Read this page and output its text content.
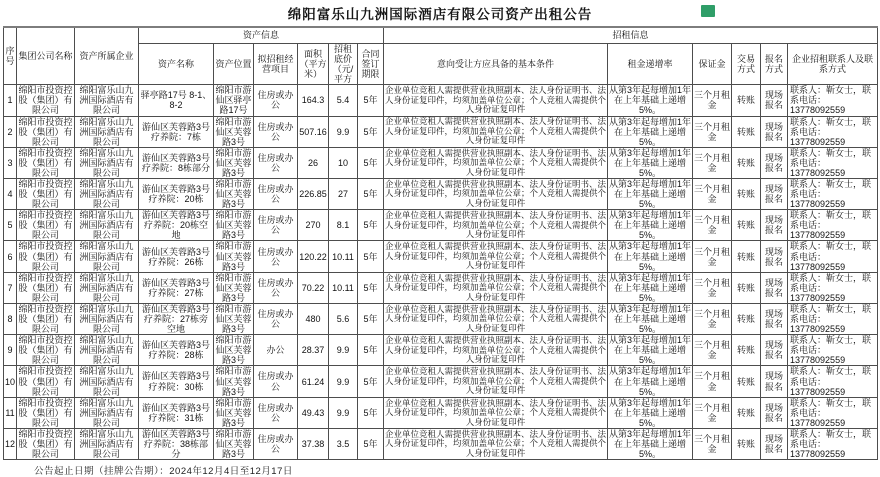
绵阳富乐山九洲国际酒店有限公司资产出租公告
序号	集团公司名称	资产所属企业	资产信息						招租信息					
			资产名称	资产位置	拟招租经营项目	面积（平方米）	招租底价（元/平方	合同签订期限	意向受让方应具备的基本条件	租金递增率	保证金	交易方式	报名方式	企业招租联系人及联系方式
1	绵阳市投资控股（集团）有限公司	绵阳富乐山九洲国际酒店有限公司	驿亭路17号 8-1、8-2	绵阳市游仙区驿亭路17号	住房或办公	164.3	5.4	5年	企业单位竞租人需提供营业执照副本、法人身份证明书、法人身份证复印件，均须加盖单位公章；个人竞租人需提供个人身份证复印件	从第3年起每增加1年在上年基础上递增5%。	三个月租金	转账	现场报名	联系人：靳女士，联系电话：13778092559
2	绵阳市投资控股（集团）有限公司	绵阳富乐山九洲国际酒店有限公司	游仙区芙蓉路3号疗养院：7栋	绵阳市游仙区芙蓉路3号	住房或办公	507.16	9.9	5年	企业单位竞租人需提供营业执照副本、法人身份证明书、法人身份证复印件，均须加盖单位公章；个人竞租人需提供个人身份证复印件	从第3年起每增加1年在上年基础上递增5%。	三个月租金	转账	现场报名	联系人：靳女士，联系电话：13778092559
3	绵阳市投资控股（集团）有限公司	绵阳富乐山九洲国际酒店有限公司	游仙区芙蓉路3号疗养院：8栋部分	绵阳市游仙区芙蓉路3号	住房或办公	26	10	5年	企业单位竞租人需提供营业执照副本、法人身份证明书、法人身份证复印件，均须加盖单位公章；个人竞租人需提供个人身份证复印件	从第3年起每增加1年在上年基础上递增5%。	三个月租金	转账	现场报名	联系人：靳女士，联系电话：13778092559
4	绵阳市投资控股（集团）有限公司	绵阳富乐山九洲国际酒店有限公司	游仙区芙蓉路3号疗养院：20栋	绵阳市游仙区芙蓉路3号	住房或办公	226.85	27	5年	企业单位竞租人需提供营业执照副本、法人身份证明书、法人身份证复印件，均须加盖单位公章；个人竞租人需提供个人身份证复印件	从第3年起每增加1年在上年基础上递增5%。	三个月租金	转账	现场报名	联系人：靳女士，联系电话：13778092559
5	绵阳市投资控股（集团）有限公司	绵阳富乐山九洲国际酒店有限公司	游仙区芙蓉路3号疗养院：20栋空地	绵阳市游仙区芙蓉路3号	住房或办公	270	8.1	5年	企业单位竞租人需提供营业执照副本、法人身份证明书、法人身份证复印件，均须加盖单位公章；个人竞租人需提供个人身份证复印件	从第3年起每增加1年在上年基础上递增5%。	三个月租金	转账	现场报名	联系人：靳女士，联系电话：13778092559
6	绵阳市投资控股（集团）有限公司	绵阳富乐山九洲国际酒店有限公司	游仙区芙蓉路3号疗养院：26栋	绵阳市游仙区芙蓉路3号	住房或办公	120.22	10.11	5年	企业单位竞租人需提供营业执照副本、法人身份证明书、法人身份证复印件，均须加盖单位公章；个人竞租人需提供个人身份证复印件	从第3年起每增加1年在上年基础上递增5%。	三个月租金	转账	现场报名	联系人：靳女士，联系电话：13778092559
7	绵阳市投资控股（集团）有限公司	绵阳富乐山九洲国际酒店有限公司	游仙区芙蓉路3号疗养院：27栋	绵阳市游仙区芙蓉路3号	住房或办公	70.22	10.11	5年	企业单位竞租人需提供营业执照副本、法人身份证明书、法人身份证复印件，均须加盖单位公章；个人竞租人需提供个人身份证复印件	从第3年起每增加1年在上年基础上递增5%。	三个月租金	转账	现场报名	联系人：靳女士，联系电话：13778092559
8	绵阳市投资控股（集团）有限公司	绵阳富乐山九洲国际酒店有限公司	游仙区芙蓉路3号疗养院：27栋旁空地	绵阳市游仙区芙蓉路3号	住房或办公	480	5.6	5年	企业单位竞租人需提供营业执照副本、法人身份证明书、法人身份证复印件，均须加盖单位公章；个人竞租人需提供个人身份证复印件	从第3年起每增加1年在上年基础上递增5%。	三个月租金	转账	现场报名	联系人：靳女士，联系电话：13778092559
9	绵阳市投资控股（集团）有限公司	绵阳富乐山九洲国际酒店有限公司	游仙区芙蓉路3号疗养院：28栋	绵阳市游仙区芙蓉路3号	办公	28.37	9.9	5年	企业单位竞租人需提供营业执照副本、法人身份证明书、法人身份证复印件，均须加盖单位公章；个人竞租人需提供个人身份证复印件	从第3年起每增加1年在上年基础上递增5%。	三个月租金	转账	现场报名	联系人：靳女士，联系电话：13778092559
10	绵阳市投资控股（集团）有限公司	绵阳富乐山九洲国际酒店有限公司	游仙区芙蓉路3号疗养院：30栋	绵阳市游仙区芙蓉路3号	住房或办公	61.24	9.9	5年	企业单位竞租人需提供营业执照副本、法人身份证明书、法人身份证复印件，均须加盖单位公章；个人竞租人需提供个人身份证复印件	从第3年起每增加1年在上年基础上递增5%。	三个月租金	转账	现场报名	联系人：靳女士，联系电话：13778092559
11	绵阳市投资控股（集团）有限公司	绵阳富乐山九洲国际酒店有限公司	游仙区芙蓉路3号疗养院：31栋	绵阳市游仙区芙蓉路3号	住房或办公	49.43	9.9	5年	企业单位竞租人需提供营业执照副本、法人身份证明书、法人身份证复印件，均须加盖单位公章；个人竞租人需提供个人身份证复印件	从第3年起每增加1年在上年基础上递增5%。	三个月租金	转账	现场报名	联系人：靳女士，联系电话：13778092559
12	绵阳市投资控股（集团）有限公司	绵阳富乐山九洲国际酒店有限公司	游仙区芙蓉路3号疗养院：38栋部分	绵阳市游仙区芙蓉路3号	住房或办公	37.38	3.5	5年	企业单位竞租人需提供营业执照副本、法人身份证明书、法人身份证复印件，均须加盖单位公章；个人竞租人需提供个人身份证复印件	从第3年起每增加1年在上年基础上递增5%。	三个月租金	转账	现场报名	联系人：靳女士，联系电话：13778092559
公告起止日期（挂牌公告期）：2024年12月4日至12月17日
